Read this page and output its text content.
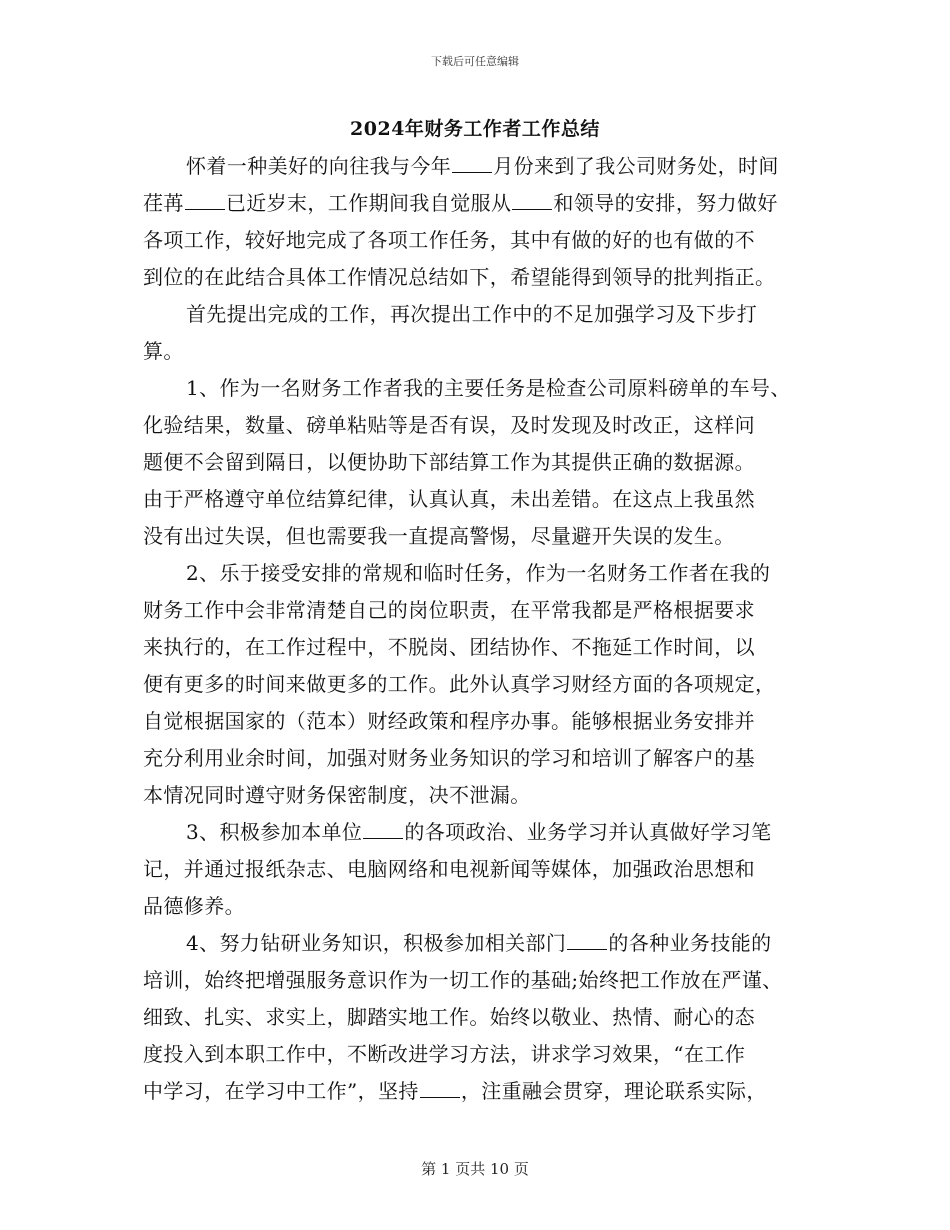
下载后可任意编辑
2024年财务工作者工作总结
怀着一种美好的向往我与今年 月份来到了我公司财务处，时间
荏苒 已近岁末，工作期间我自觉服从 和领导的安排，努力做好
各项工作，较好地完成了各项工作任务，其中有做的好的也有做的不
到位的在此结合具体工作情况总结如下，希望能得到领导的批判指正。
首先提出完成的工作，再次提出工作中的不足加强学习及下步打
算。
1、作为一名财务工作者我的主要任务是检查公司原料磅单的车号、
化验结果，数量、磅单粘贴等是否有误，及时发现及时改正，这样问
题便不会留到隔日，以便协助下部结算工作为其提供正确的数据源。
由于严格遵守单位结算纪律，认真认真，未出差错。在这点上我虽然
没有出过失误，但也需要我一直提高警惕，尽量避开失误的发生。
2、乐于接受安排的常规和临时任务，作为一名财务工作者在我的
财务工作中会非常清楚自己的岗位职责，在平常我都是严格根据要求
来执行的，在工作过程中，不脱岗、团结协作、不拖延工作时间，以
便有更多的时间来做更多的工作。此外认真学习财经方面的各项规定，
自觉根据国家的（范本）财经政策和程序办事。能够根据业务安排并
充分利用业余时间，加强对财务业务知识的学习和培训了解客户的基
本情况同时遵守财务保密制度，决不泄漏。
3、积极参加本单位 的各项政治、业务学习并认真做好学习笔
记，并通过报纸杂志、电脑网络和电视新闻等媒体，加强政治思想和
品德修养。
4、努力钻研业务知识，积极参加相关部门 的各种业务技能的
培训，始终把增强服务意识作为一切工作的基础;始终把工作放在严谨、
细致、扎实、求实上，脚踏实地工作。始终以敬业、热情、耐心的态
度投入到本职工作中，不断改进学习方法，讲求学习效果，“在工作
中学习，在学习中工作”，坚持 ，注重融会贯穿，理论联系实际，
第 1 页共 10 页
